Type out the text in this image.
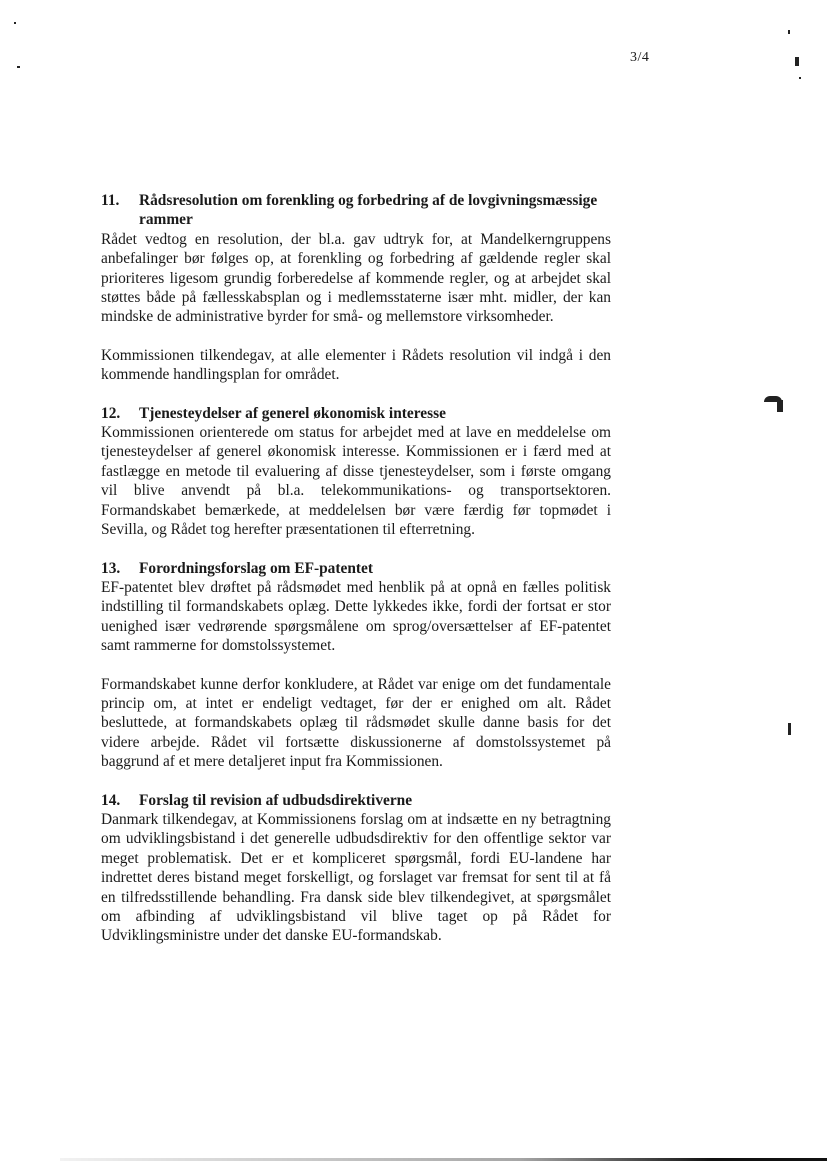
3/4
11.	Rådsresolution om forenkling og forbedring af de lovgivningsmæssige rammer

Rådet vedtog en resolution, der bl.a. gav udtryk for, at Mandelkerngruppens anbefalinger bør følges op, at forenkling og forbedring af gældende regler skal prioriteres ligesom grundig forberedelse af kommende regler, og at arbejdet skal støttes både på fællesskabsplan og i medlemsstaterne især mht. midler, der kan mindske de administrative byrder for små- og mellemstore virksomheder.

Kommissionen tilkendegav, at alle elementer i Rådets resolution vil indgå i den kommende handlingsplan for området.

12.	Tjenesteydelser af generel økonomisk interesse

Kommissionen orienterede om status for arbejdet med at lave en meddelelse om tjenesteydelser af generel økonomisk interesse. Kommissionen er i færd med at fastlægge en metode til evaluering af disse tjenesteydelser, som i første omgang vil blive anvendt på bl.a. telekommunikations- og transportsektoren. Formandskabet bemærkede, at meddelelsen bør være færdig før topmødet i Sevilla, og Rådet tog herefter præsentationen til efterretning.

13.	Forordningsforslag om EF-patentet

EF-patentet blev drøftet på rådsmødet med henblik på at opnå en fælles politisk indstilling til formandskabets oplæg. Dette lykkedes ikke, fordi der fortsat er stor uenighed især vedrørende spørgsmålene om sprog/oversættelser af EF-patentet samt rammerne for domstolssystemet.

Formandskabet kunne derfor konkludere, at Rådet var enige om det fundamentale princip om, at intet er endeligt vedtaget, før der er enighed om alt. Rådet besluttede, at formandskabets oplæg til rådsmødet skulle danne basis for det videre arbejde. Rådet vil fortsætte diskussionerne af domstolssystemet på baggrund af et mere detaljeret input fra Kommissionen.

14.	Forslag til revision af udbudsdirektiverne

Danmark tilkendegav, at Kommissionens forslag om at indsætte en ny betragtning om udviklingsbistand i det generelle udbudsdirektiv for den offentlige sektor var meget problematisk. Det er et kompliceret spørgsmål, fordi EU-landene har indrettet deres bistand meget forskelligt, og forslaget var fremsat for sent til at få en tilfredsstillende behandling. Fra dansk side blev tilkendegivet, at spørgsmålet om afbinding af udviklingsbistand vil blive taget op på Rådet for Udviklingsministre under det danske EU-formandskab.
